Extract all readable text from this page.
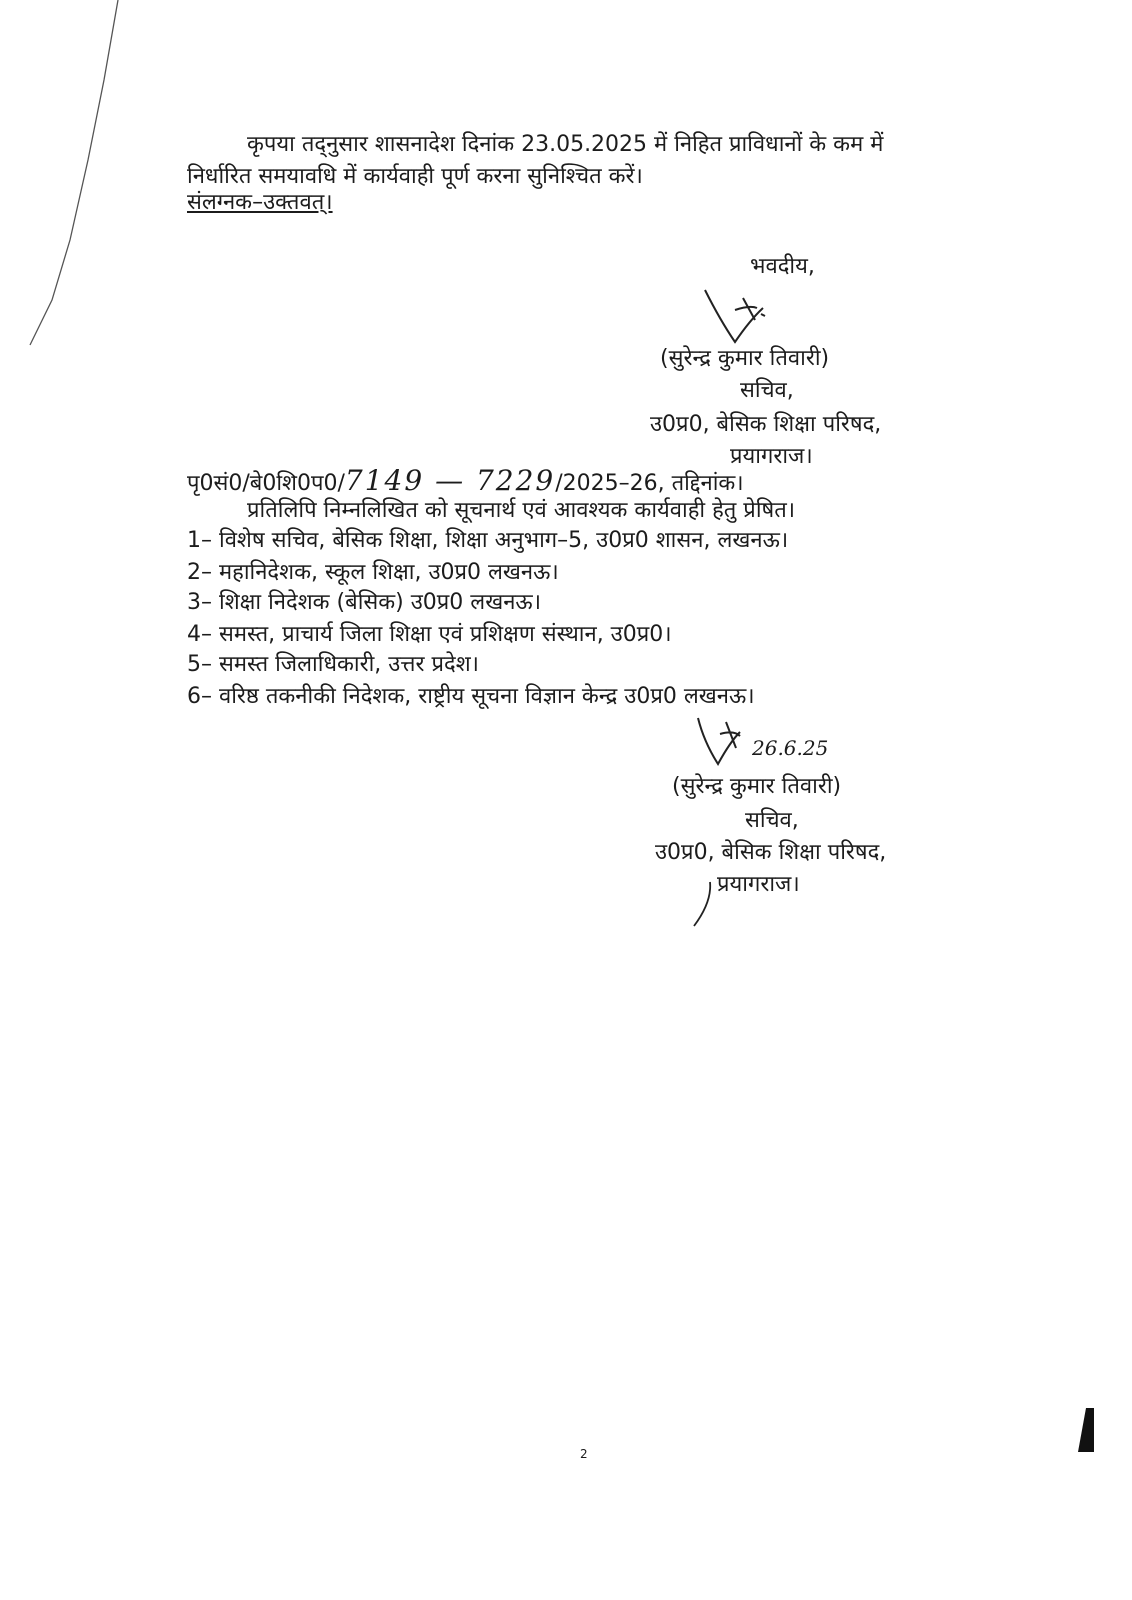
कृपया तद्नुसार शासनादेश दिनांक 23.05.2025 में निहित प्राविधानों के कम में
निर्धारित समयावधि में कार्यवाही पूर्ण करना सुनिश्चित करें।
संलग्नक–उक्तवत्।
भवदीय,
(सुरेन्द्र कुमार तिवारी)
सचिव,
उ0प्र0, बेसिक शिक्षा परिषद,
प्रयागराज।
पृ0सं0/बे0शि0प0/7149 — 7229/2025–26, तद्दिनांक।
प्रतिलिपि निम्नलिखित को सूचनार्थ एवं आवश्यक कार्यवाही हेतु प्रेषित।
1– विशेष सचिव, बेसिक शिक्षा, शिक्षा अनुभाग–5, उ0प्र0 शासन, लखनऊ।
2– महानिदेशक, स्कूल शिक्षा, उ0प्र0 लखनऊ।
3– शिक्षा निदेशक (बेसिक) उ0प्र0 लखनऊ।
4– समस्त, प्राचार्य जिला शिक्षा एवं प्रशिक्षण संस्थान, उ0प्र0।
5– समस्त जिलाधिकारी, उत्तर प्रदेश।
6– वरिष्ठ तकनीकी निदेशक, राष्ट्रीय सूचना विज्ञान केन्द्र उ0प्र0 लखनऊ।
26.6.25
(सुरेन्द्र कुमार तिवारी)
सचिव,
उ0प्र0, बेसिक शिक्षा परिषद,
प्रयागराज।
2
